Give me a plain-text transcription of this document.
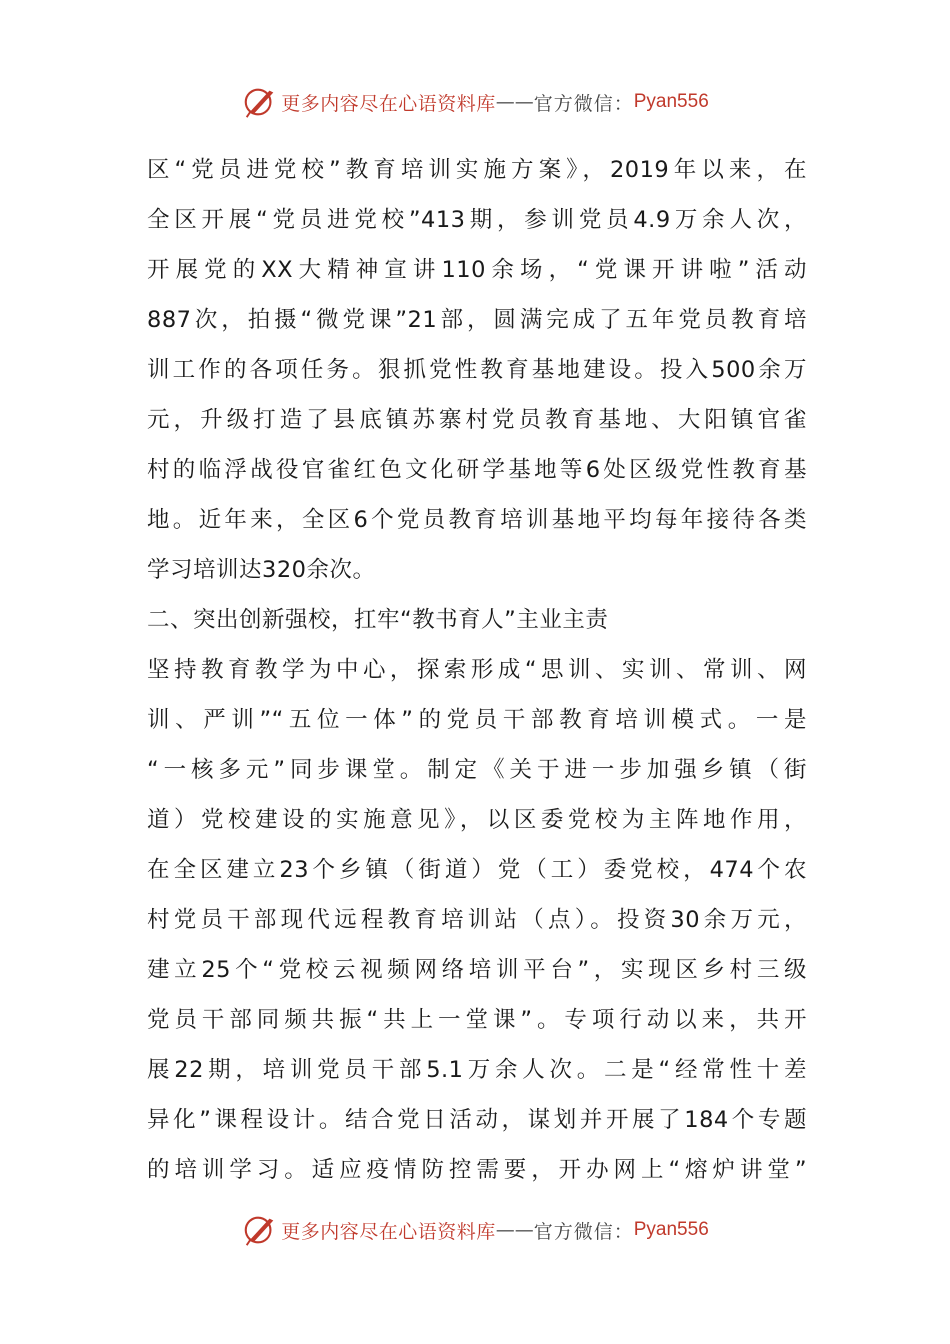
更多内容尽在心语资料库 —— 官方微信： Pyan556
区“党员进党校”教育培训实施方案》，2019年以来，在
全区开展“党员进党校”413期，参训党员4.9万余人次，
开展党的XX大精神宣讲110余场，“党课开讲啦”活动
887次，拍摄“微党课”21部，圆满完成了五年党员教育培
训工作的各项任务。狠抓党性教育基地建设。投入500余万
元，升级打造了县底镇苏寨村党员教育基地、大阳镇官雀
村的临浮战役官雀红色文化研学基地等6处区级党性教育基
地。近年来，全区6个党员教育培训基地平均每年接待各类
学习培训达320余次。
二、突出创新强校，扛牢“教书育人”主业主责
坚持教育教学为中心，探索形成“思训、实训、常训、网
训、严训”“五位一体”的党员干部教育培训模式。一是
“一核多元”同步课堂。制定《关于进一步加强乡镇（街
道）党校建设的实施意见》，以区委党校为主阵地作用，
在全区建立23个乡镇（街道）党（工）委党校，474个农
村党员干部现代远程教育培训站（点）。投资30余万元，
建立25个“党校云视频网络培训平台”，实现区乡村三级
党员干部同频共振“共上一堂课”。专项行动以来，共开
展22期，培训党员干部5.1万余人次。二是“经常性十差
异化”课程设计。结合党日活动，谋划并开展了184个专题
的培训学习。适应疫情防控需要，开办网上“熔炉讲堂”
更多内容尽在心语资料库 —— 官方微信： Pyan556
